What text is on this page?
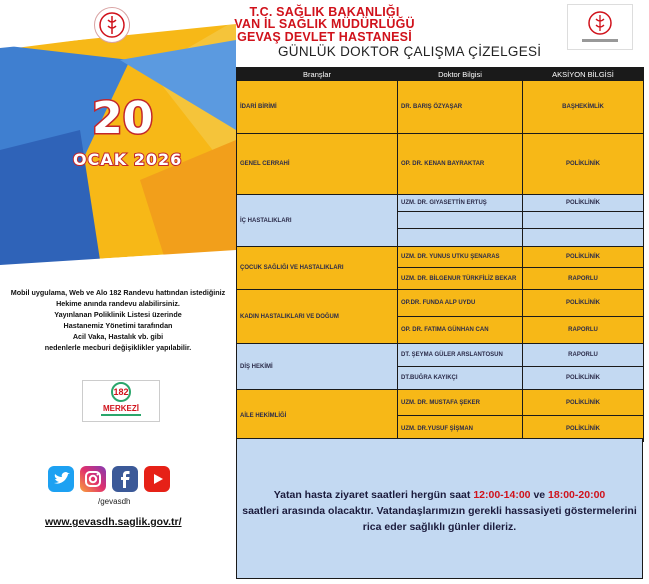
T.C. SAĞLIK BAKANLIĞI
VAN İL SAĞLIK MÜDÜRLÜĞÜ
GEVAŞ DEVLET HASTANESİ
GÜNLÜK DOKTOR ÇALIŞMA ÇİZELGESİ
20
OCAK 2026
Mobil uygulama, Web ve Alo 182 Randevu hattından istediğiniz
Hekime anında randevu alabilirsiniz.
Yayınlanan Poliklinik Listesi üzerinde
Hastanemiz Yönetimi tarafından
Acil Vaka, Hastalık vb. gibi
nedenlerle mecburi değişiklikler yapılabilir.
182
MERKEZİ
/gevasdh
www.gevasdh.saglik.gov.tr/
Branşlar	Doktor Bilgisi	AKSİYON BİLGİSİ
İDARİ BİRİMİ	DR. BARIŞ ÖZYAŞAR	BAŞHEKİMLİK
GENEL CERRAHİ	OP. DR. KENAN BAYRAKTAR	POLİKLİNİK
İÇ HASTALIKLARI	UZM. DR. GIYASETTİN ERTUŞ	POLİKLİNİK

ÇOCUK SAĞLIĞI VE HASTALIKLARI	UZM. DR. YUNUS UTKU ŞENARAS	POLİKLİNİK
	UZM. DR. BİLGENUR TÜRKFİLİZ BEKAR	RAPORLU
KADIN HASTALIKLARI VE DOĞUM	OP.DR. FUNDA ALP UYDU	POLİKLİNİK
	OP. DR. FATIMA GÜNHAN CAN	RAPORLU
DİŞ HEKİMİ	DT. ŞEYMA GÜLER ARSLANTOSUN	RAPORLU
	DT.BUĞRA KAYIKÇI	POLİKLİNİK
AİLE HEKİMLİĞİ	UZM. DR. MUSTAFA ŞEKER	POLİKLİNİK
	UZM. DR.YUSUF ŞİŞMAN	POLİKLİNİK
Yatan hasta ziyaret saatleri hergün saat 12:00-14:00 ve 18:00-20:00
saatleri arasında olacaktır. Vatandaşlarımızın gerekli hassasiyeti göstermelerini rica eder sağlıklı günler dileriz.
